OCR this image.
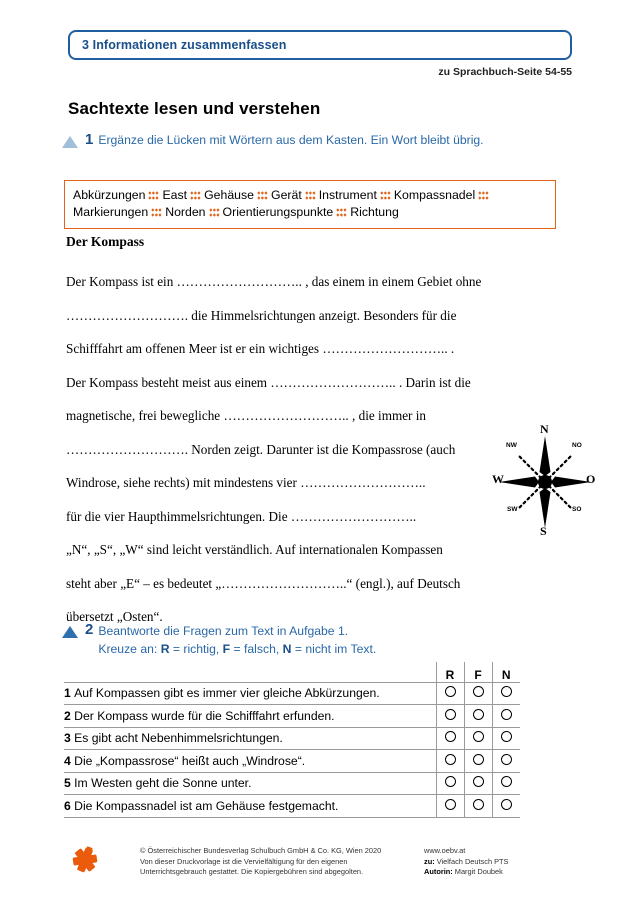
3 Informationen zusammenfassen
zu Sprachbuch-Seite 54-55
Sachtexte lesen und verstehen
1 Ergänze die Lücken mit Wörtern aus dem Kasten. Ein Wort bleibt übrig.
Abkürzungen East Gehäuse Gerät Instrument KompassnadelMarkierungen Norden Orientierungspunkte Richtung
Der Kompass
Der Kompass ist ein ……………………….. , das einem in einem Gebiet ohne
………………………. die Himmelsrichtungen anzeigt. Besonders für die
Schifffahrt am offenen Meer ist er ein wichtiges ……………………….. .
Der Kompass besteht meist aus einem ……………………….. . Darin ist die
magnetische, frei bewegliche ……………………….. , die immer in
………………………. Norden zeigt. Darunter ist die Kompassrose (auch
Windrose, siehe rechts) mit mindestens vier ………………………..
für die vier Haupthimmelsrichtungen. Die ………………………..
„N“, „S“, „W“ sind leicht verständlich. Auf internationalen Kompassen
steht aber „E“ – es bedeutet „………………………..“ (engl.), auf Deutsch
übersetzt „Osten“.
N
S
W	O
NW	NO
SW	SO
2 Beantworte die Fragen zum Text in Aufgabe 1.
Kreuze an: R = richtig, F = falsch, N = nicht im Text.
	R	F	N
1 Auf Kompassen gibt es immer vier gleiche Abkürzungen.			
2 Der Kompass wurde für die Schifffahrt erfunden.			
3 Es gibt acht Nebenhimmelsrichtungen.			
4 Die „Kompassrose“ heißt auch „Windrose“.			
5 Im Westen geht die Sonne unter.			
6 Die Kompassnadel ist am Gehäuse festgemacht.			
© Österreichischer Bundesverlag Schulbuch GmbH & Co. KG, Wien 2020
Von dieser Druckvorlage ist die Vervielfältigung für den eigenen
Unterrichtsgebrauch gestattet. Die Kopiergebühren sind abgegolten.
www.oebv.at
zu: Vielfach Deutsch PTS
Autorin: Margit Doubek
